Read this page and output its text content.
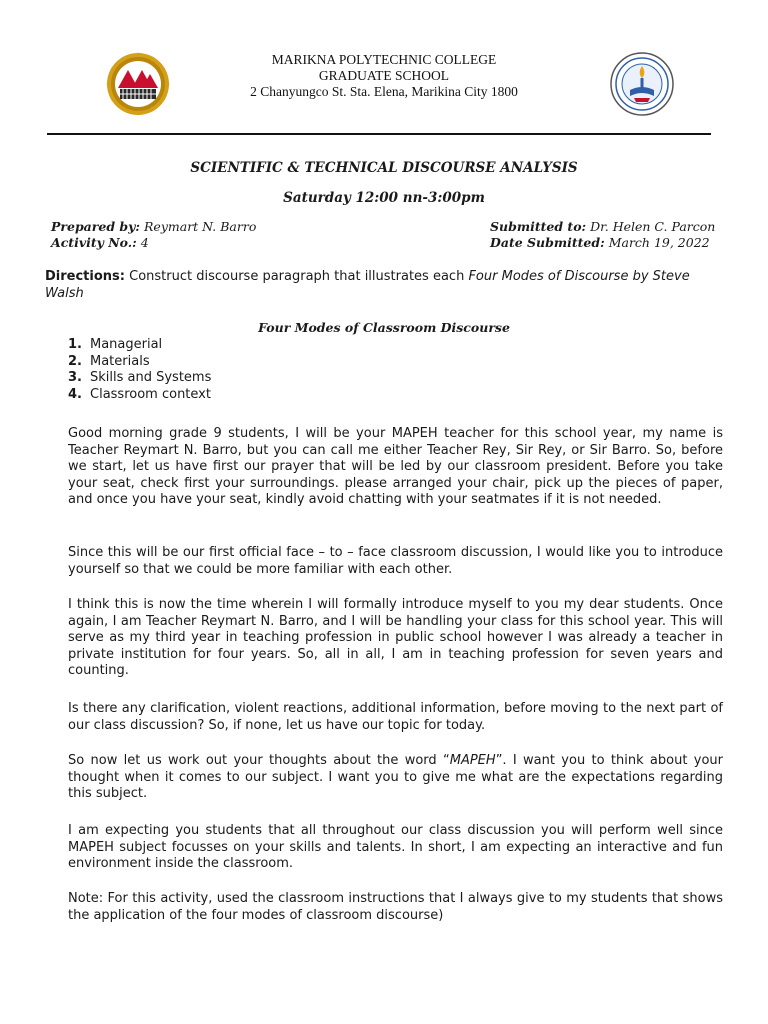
MARIKNA POLYTECHNIC COLLEGE
GRADUATE SCHOOL
2 Chanyungco St. Sta. Elena, Marikina City 1800
SCIENTIFIC & TECHNICAL DISCOURSE ANALYSIS
Saturday 12:00 nn-3:00pm
Prepared by: Reymart N. Barro
Activity No.: 4
Submitted to: Dr. Helen C. Parcon
Date Submitted: March 19, 2022
Directions: Construct discourse paragraph that illustrates each Four Modes of Discourse by Steve Walsh
Four Modes of Classroom Discourse
1. Managerial
2. Materials
3. Skills and Systems
4. Classroom context

Good morning grade 9 students, I will be your MAPEH teacher for this school year, my name is Teacher Reymart N. Barro, but you can call me either Teacher Rey, Sir Rey, or Sir Barro. So, before we start, let us have first our prayer that will be led by our classroom president. Before you take your seat, check first your surroundings. please arranged your chair, pick up the pieces of paper, and once you have your seat, kindly avoid chatting with your seatmates if it is not needed.

Since this will be our first official face – to – face classroom discussion, I would like you to introduce yourself so that we could be more familiar with each other.

I think this is now the time wherein I will formally introduce myself to you my dear students. Once again, I am Teacher Reymart N. Barro, and I will be handling your class for this school year. This will serve as my third year in teaching profession in public school however I was already a teacher in private institution for four years. So, all in all, I am in teaching profession for seven years and counting.

Is there any clarification, violent reactions, additional information, before moving to the next part of our class discussion? So, if none, let us have our topic for today.

So now let us work out your thoughts about the word “MAPEH”. I want you to think about your thought when it comes to our subject. I want you to give me what are the expectations regarding this subject.

I am expecting you students that all throughout our class discussion you will perform well since MAPEH subject focusses on your skills and talents. In short, I am expecting an interactive and fun environment inside the classroom.

Note: For this activity, used the classroom instructions that I always give to my students that shows the application of the four modes of classroom discourse)
